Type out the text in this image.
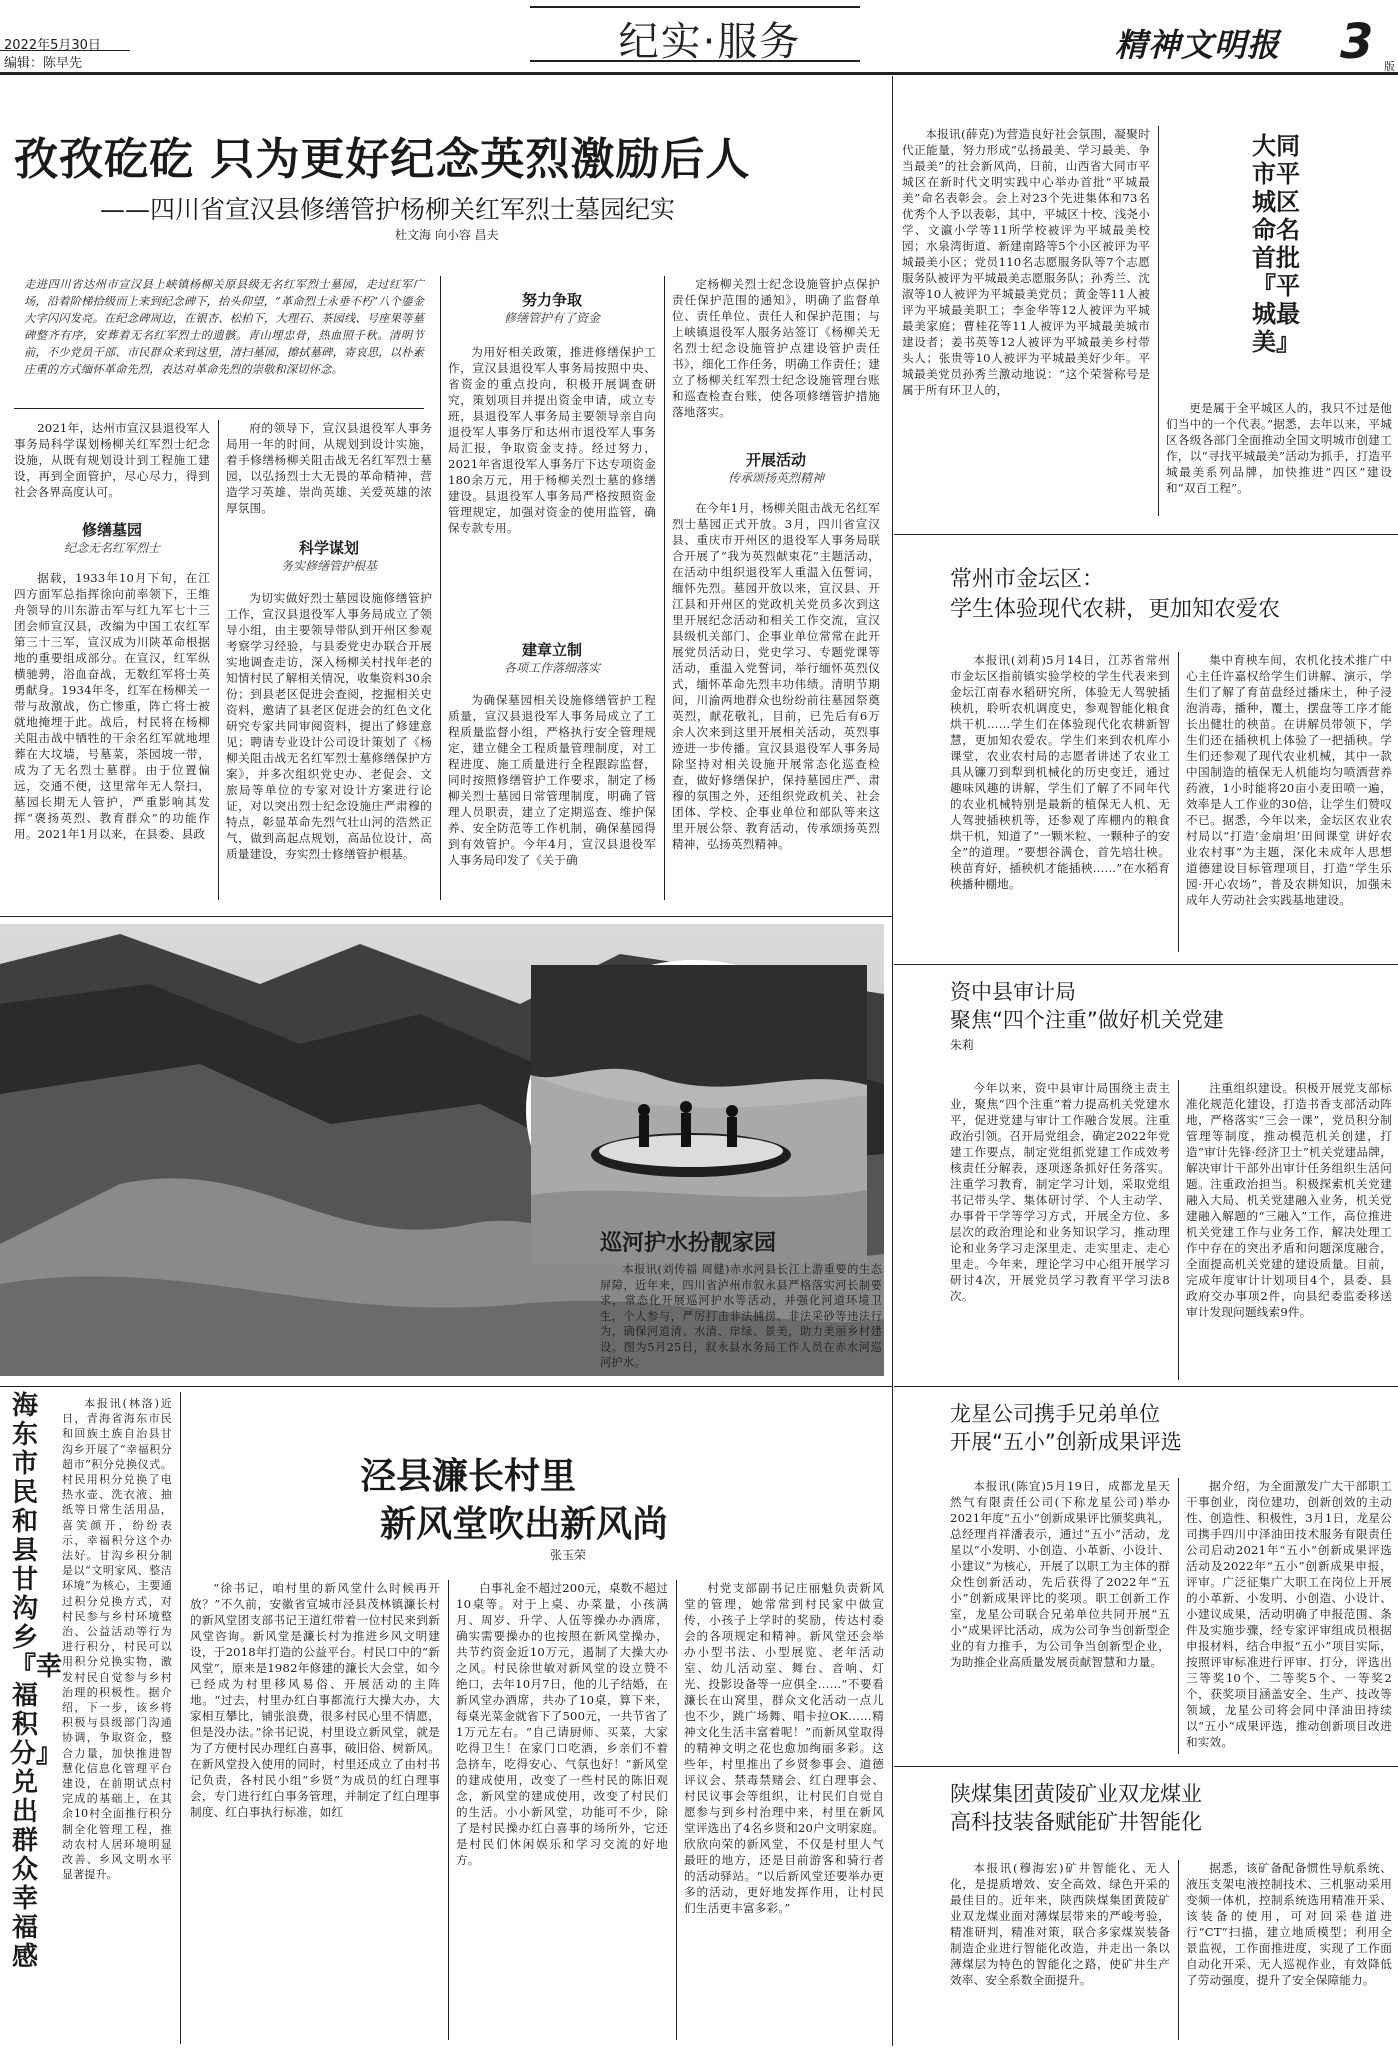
2022年5月30日
编辑：陈早先	纪实·服务	精神文明报 3 版
孜孜矻矻 只为更好纪念英烈激励后人
——四川省宣汉县修缮管护杨柳关红军烈士墓园纪实
杜文海 向小容 昌夫
走进四川省达州市宣汉县上峡镇杨柳关原县级无名红军烈士墓园，走过红军广场，沿着阶梯拾级而上来到纪念碑下，抬头仰望，“革命烈士永垂不朽”八个鎏金大字闪闪发亮。在纪念碑周边，在银杏、松柏下，大理石、茶园线、号座果等墓碑整齐有序，安葬着无名红军烈士的遗骸。青山埋忠骨，热血照千秋。清明节前，不少党员干部、市民群众来到这里，清扫墓园，擦拭墓碑，寄哀思，以朴素庄重的方式缅怀革命先烈，表达对革命先烈的崇敬和深切怀念。

2021年，达州市宣汉县退役军人事务局科学谋划杨柳关红军烈士纪念设施，从既有规划设计到工程施工建设，再到全面管护，尽心尽力，得到社会各界高度认可。

修缮墓园
纪念无名红军烈士

据载，1933年10月下旬，在江四方面军总指挥徐向前率领下，王维舟领导的川东游击军与红九军七十三团会师宣汉县，改编为中国工农红军第三十三军，宣汉成为川陕革命根据地的重要组成部分。在宣汉，红军纵横驰骋，浴血奋战，无数红军将士英勇献身。1934年冬，红军在杨柳关一带与敌激战，伤亡惨重，阵亡将士被就地掩埋于此。战后，村民将在杨柳关阻击战中牺牲的干余名红军就地埋葬在大坟墙，号墓菜，茶园坡一带，成为了无名烈士墓群。由于位置偏远，交通不便，这里常年无人祭扫，墓园长期无人管护，严重影响其发挥“褒扬英烈、教育群众”的功能作用。2021年1月以来，在县委、县政

府的领导下，宣汉县退役军人事务局用一年的时间，从规划到设计实施，着手修缮杨柳关阻击战无名红军烈士墓园，以弘扬烈士大无畏的革命精神，营造学习英雄、崇尚英雄、关爱英雄的浓厚氛围。

科学谋划
务实修缮管护根基

为切实做好烈士墓园设施修缮管护工作，宣汉县退役军人事务局成立了领导小组，由主要领导带队到开州区参观考察学习经验，与县委党史办联合开展实地调查走访，深入杨柳关村找年老的知情村民了解相关情况，收集资料30余份；到县老区促进会查阅，挖掘相关史资料，邀请了县老区促进会的红色文化研究专家共同审阅资料，提出了修建意见；聘请专业设计公司设计策划了《杨柳关阻击战无名红军烈士墓修缮保护方案》，并多次组织党史办、老促会、文旅局等单位的专家对设计方案进行论证，对以突出烈士纪念设施庄严肃穆的特点，彰显革命先烈气壮山河的浩然正气，做到高起点规划，高品位设计，高质量建设，夯实烈士修缮管护根基。

努力争取
修缮管护有了资金

为用好相关政策，推进修缮保护工作，宣汉县退役军人事务局按照中央、省资金的重点投向，积极开展调查研究，策划项目并提出资金申请，成立专班，县退役军人事务局主要领导亲自向退役军人事务厅和达州市退役军人事务局汇报，争取资金支持。经过努力，2021年省退役军人事务厅下达专项资金180余万元，用于杨柳关烈士墓的修缮建设。县退役军人事务局严格按照资金管理规定，加强对资金的使用监管，确保专款专用。

建章立制
各项工作落细落实

为确保墓园相关设施修缮管护工程质量，宣汉县退役军人事务局成立了工程质量监督小组，严格执行安全管理规定，建立健全工程质量管理制度，对工程进度、施工质量进行全程跟踪监督，同时按照修缮管护工作要求，制定了杨柳关烈士墓园日常管理制度，明确了管理人员职责，建立了定期巡查、维护保养、安全防范等工作机制，确保墓园得到有效管护。今年4月，宣汉县退役军人事务局印发了《关于确

定杨柳关烈士纪念设施管护点保护责任保护范围的通知》，明确了监督单位、责任单位、责任人和保护范围；与上峡镇退役军人服务站签订《杨柳关无名烈士纪念设施管护点建设管护责任书》，细化工作任务，明确工作责任；建立了杨柳关红军烈士纪念设施管理台账和巡查检查台账，使各项修缮管护措施落地落实。

开展活动
传承颂扬英烈精神

在今年1月，杨柳关阻击战无名红军烈士墓园正式开放。3月，四川省宣汉县、重庆市开州区的退役军人事务局联合开展了“我为英烈献束花”主题活动，在活动中组织退役军人重温入伍誓词，缅怀先烈。墓园开放以来，宣汉县、开江县和开州区的党政机关党员多次到这里开展纪念活动和相关工作交流，宣汉县级机关部门、企事业单位常常在此开展党员活动日，党史学习、专题党课等活动，重温入党誓词，举行缅怀英烈仪式，缅怀革命先烈丰功伟绩。清明节期间，川渝两地群众也纷纷前往墓园祭奠英烈，献花敬礼，目前，已先后有6万余人次来到这里开展相关活动，英烈事迹进一步传播。宣汉县退役军人事务局除坚持对相关设施开展常态化巡查检查，做好修缮保护，保持墓园庄严、肃穆的氛围之外，还组织党政机关、社会团体、学校、企事业单位和部队等来这里开展公祭、教育活动，传承颂扬英烈精神，弘扬英烈精神。

巡河护水扮靓家园

本报讯(刘传福 周健)赤水河县长江上游重要的生态屏障，近年来，四川省泸州市叙永县严格落实河长制要求，常态化开展巡河护水等活动，并强化河道环境卫生，个人参与，严厉打击非法捕捞、非法采砂等违法行为，确保河道清、水清、岸绿、景美，助力美丽乡村建设。图为5月25日，叙永县水务局工作人员在赤水河巡河护水。

海东市民和县甘沟乡『幸福积分』兑出群众幸福感

本报讯(林洛)近日，青海省海东市民和回族土族自治县甘沟乡开展了“幸福积分超市”积分兑换仪式。村民用积分兑换了电热水壶、洗衣液、抽纸等日常生活用品，喜笑颜开，纷纷表示，幸福积分这个办法好。甘沟乡积分制是以“文明家风、整洁环境”为核心，主要通过积分兑换方式，对村民参与乡村环境整治、公益活动等行为进行积分，村民可以用积分兑换实物，激发村民自觉参与乡村治理的积极性。据介绍，下一步，该乡将积极与县级部门沟通协调，争取资金，整合力量，加快推进智慧化信息化管理平台建设，在前期试点村完成的基础上，在其余10村全面推行积分制全化管理工程，推动农村人居环境明显改善、乡风文明水平显著提升。

泾县濂长村里
新风堂吹出新风尚
张玉荣

“徐书记，咱村里的新风堂什么时候再开放？”不久前，安徽省宣城市泾县茂林镇濂长村的新风堂团支部书记王道红带着一位村民来到新风堂咨询。新风堂是濂长村为推进乡风文明建设，于2018年打造的公益平台。村民口中的“新风堂”，原来是1982年修建的濂长大会堂，如今已经成为村里移风易俗、开展活动的主阵地。“过去，村里办红白事都流行大操大办，大家相互攀比，铺张浪费，很多村民心里不情愿，但是没办法。”徐书记说，村里设立新风堂，就是为了方便村民办理红白喜事，破旧俗、树新风。在新风堂投入使用的同时，村里还成立了由村书记负责，各村民小组“乡贤”为成员的红白理事会，专门进行红白事务管理，并制定了红白理事制度、红白事执行标准，如红

白事礼金不超过200元，桌数不超过10桌等。对于上桌、办菜量，小孩满月、周岁、升学、人伍等操办办酒席，确实需要操办的也按照在新风堂操办，共节约资金近10万元，遏制了大操大办之风。村民徐世敏对新风堂的设立赞不绝口，去年10月7日，他的儿子结婚，在新风堂办酒席，共办了10桌，算下来，每桌光菜金就省下了500元，一共节省了1万元左右。“自己请厨师、买菜，大家吃得卫生！在家门口吃酒，乡亲们不着急挤车，吃得安心、气氛也好！”新风堂的建成使用，改变了一些村民的陈旧观念，新风堂的建成使用，改变了村民们的生活。小小新风堂，功能可不少，除了是村民操办红白喜事的场所外，它还是村民们休闲娱乐和学习交流的好地方。

村党支部副书记庄丽魁负责新风堂的管理，她常常到村民家中做宣传，小孩子上学时的奖励，传达村委会的各项规定和精神。新风堂还会举办小型书法、小型展览、老年活动室、幼儿活动室、舞台、音响、灯光、投影设备等一应俱全……“不要看濂长在山窝里，群众文化活动一点儿也不少，跳广场舞、唱卡拉OK……精神文化生活丰富着呢！”而新风堂取得的精神文明之花也愈加绚丽多彩。这些年，村里推出了乡贤参事会、道德评议会、禁毒禁赌会、红白理事会、村民议事会等组织，让村民们自觉自愿参与到乡村治理中来，村里在新风堂评选出了4名乡贤和20户文明家庭。欣欣向荣的新风堂，不仅是村里人气最旺的地方，还是目前游客和骑行者的活动驿站。“以后新风堂还要举办更多的活动，更好地发挥作用，让村民们生活更丰富多彩。”

本报讯(薛克)为营造良好社会氛围，凝聚时代正能量，努力形成“弘扬最美、学习最美、争当最美”的社会新风尚，日前，山西省大同市平城区在新时代文明实践中心举办首批“平城最美”命名表彰会。会上对23个先进集体和73名优秀个人予以表彰，其中，平城区十校、浅尧小学、文瀛小学等11所学校被评为平城最美校园；水泉湾街道、新建南路等5个小区被评为平城最美小区；党员110名志愿服务队等7个志愿服务队被评为平城最美志愿服务队；孙秀兰、沈淑等10人被评为平城最美党员；黄金等11人被评为平城最美职工；李金华等12人被评为平城最美家庭；曹桂花等11人被评为平城最美城市建设者；姜书英等12人被评为平城最美乡村带头人；张贵等10人被评为平城最美好少年。平城最美党员孙秀兰激动地说：“这个荣誉称号是属于所有环卫人的，

大同市平城区命名首批『平城最美』

更是属于全平城区人的，我只不过是他们当中的一个代表。”据悉，去年以来，平城区各级各部门全面推动全国文明城市创建工作，以“寻找平城最美”活动为抓手，打造平城最美系列品牌，加快推进“四区”建设和“双百工程”。

常州市金坛区：
学生体验现代农耕，更加知农爱农

本报讯(刘莉)5月14日，江苏省常州市金坛区指前镇实验学校的学生代表来到金坛江南春水稻研究所，体验无人驾驶插秧机，聆听农机调度史，参观智能化粮食烘干机……学生们在体验现代化农耕新智慧，更加知农爱农。学生们来到农机库小课堂，农业农村局的志愿者讲述了农业工具从镰刀到犁到机械化的历史变迁，通过趣味风趣的讲解，学生们了解了不同年代的农业机械特别是最新的植保无人机、无人驾驶插秧机等，还参观了库棚内的粮食烘干机，知道了“一颗米粒、一颗种子的安全”的道理。“要想谷满仓，首先培壮秧。秧苗育好，插秧机才能插秧……”在水稻育秧播种棚地。

集中育秧车间，农机化技术推广中心主任许嘉权给学生们讲解、演示，学生们了解了育苗盘经过播床土，种子浸泡消毒，播种，覆土，摆盘等工序才能长出健壮的秧苗。在讲解员带领下，学生们还在插秧机上体验了一把插秧。学生们还参观了现代农业机械，其中一款中国制造的植保无人机能均匀喷洒营养药液，1小时能将20亩小麦田喷一遍，效率是人工作业的30倍，让学生们赞叹不已。据悉，今年以来，金坛区农业农村局以“打造‘金扇坦’田间课堂 讲好农业农村事”为主题，深化未成年人思想道德建设目标管理项目，打造“学生乐园·开心农场”，普及农耕知识，加强未成年人劳动社会实践基地建设。

资中县审计局
聚焦“四个注重”做好机关党建
朱莉

今年以来，资中县审计局围绕主责主业，聚焦“四个注重”着力提高机关党建水平，促进党建与审计工作融合发展。注重政治引领。召开局党组会，确定2022年党建工作要点，制定党组抓党建工作成效考核责任分解表，逐项逐条抓好任务落实。注重学习教育，制定学习计划，采取党组书记带头学、集体研讨学、个人主动学、办事骨干学等学习方式，开展全方位、多层次的政治理论和业务知识学习，推动理论和业务学习走深里走、走实里走、走心里走。今年来，理论学习中心组开展学习研讨4次，开展党员学习教育平学习法8次。

注重组织建设。积极开展党支部标准化规范化建设，打造书香支部活动阵地，严格落实“三会一课”，党员积分制管理等制度，推动模范机关创建，打造“审计先锋·经济卫士”机关党建品牌，解决审计干部外出审计任务组织生活问题。注重政治担当。积极探索机关党建融入大局、机关党建融入业务，机关党建融入解题的“三融入”工作，高位推进机关党建工作与业务工作，解决处理工作中存在的突出矛盾和问题深度融合，全面提高机关党建的建设质量。目前，完成年度审计计划项目4个，县委、县政府交办事项2件，向县纪委监委移送审计发现问题线索9件。

龙星公司携手兄弟单位
开展“五小”创新成果评选

本报讯(陈宜)5月19日，成都龙星天然气有限责任公司(下称龙星公司)举办2021年度“五小”创新成果评比颁奖典礼，总经理肖祥潘表示，通过“五小”活动，龙星以“小发明、小创造、小革新、小设计、小建议”为核心，开展了以职工为主体的群众性创新活动，先后获得了2022年“五小”创新成果评比的奖项。职工创新工作室，龙星公司联合兄弟单位共同开展“五小”成果评比活动，成为公司争当创新型企业的有力推手，为公司争当创新型企业，为助推企业高质量发展贡献智慧和力量。

据介绍，为全面激发广大干部职工干事创业，岗位建功，创新创效的主动性、创造性、积极性，3月1日，龙星公司携手四川中泽油田技术服务有限责任公司启动2021年“五小”创新成果评选活动及2022年“五小”创新成果申报，评审。广泛征集广大职工在岗位上开展的小革新、小发明、小创造、小设计、小建议成果，活动明确了申报范围、条件及实施步骤，经专家评审组成员根据申报材料，结合申报“五小”项目实际，按照评审标准进行评审、打分，评选出三等奖10个、二等奖5个、一等奖2个，获奖项目涵盖安全、生产、技改等领域，龙星公司将会同中泽油田持续以“五小”成果评选，推动创新项目改进和实效。

陕煤集团黄陵矿业双龙煤业
高科技装备赋能矿井智能化

本报讯(穆海宏)矿井智能化、无人化，是提质增效、安全高效、绿色开采的最佳目的。近年来，陕西陕煤集团黄陵矿业双龙煤业面对薄煤层带来的严峻考验，精准研判，精准对策，联合多家煤炭装备制造企业进行智能化改造，并走出一条以薄煤层为特色的智能化之路，使矿井生产效率、安全系数全面提升。

据悉，该矿备配备惯性导航系统、液压支架电液控制技术、三机驱动采用变频一体机，控制系统选用精准开采、该装备的使用，可对回采巷道进行“CT”扫描，建立地质模型；利用全景监视，工作面推进度，实现了工作面自动化开采、无人巡视作业，有效降低了劳动强度，提升了安全保障能力。
